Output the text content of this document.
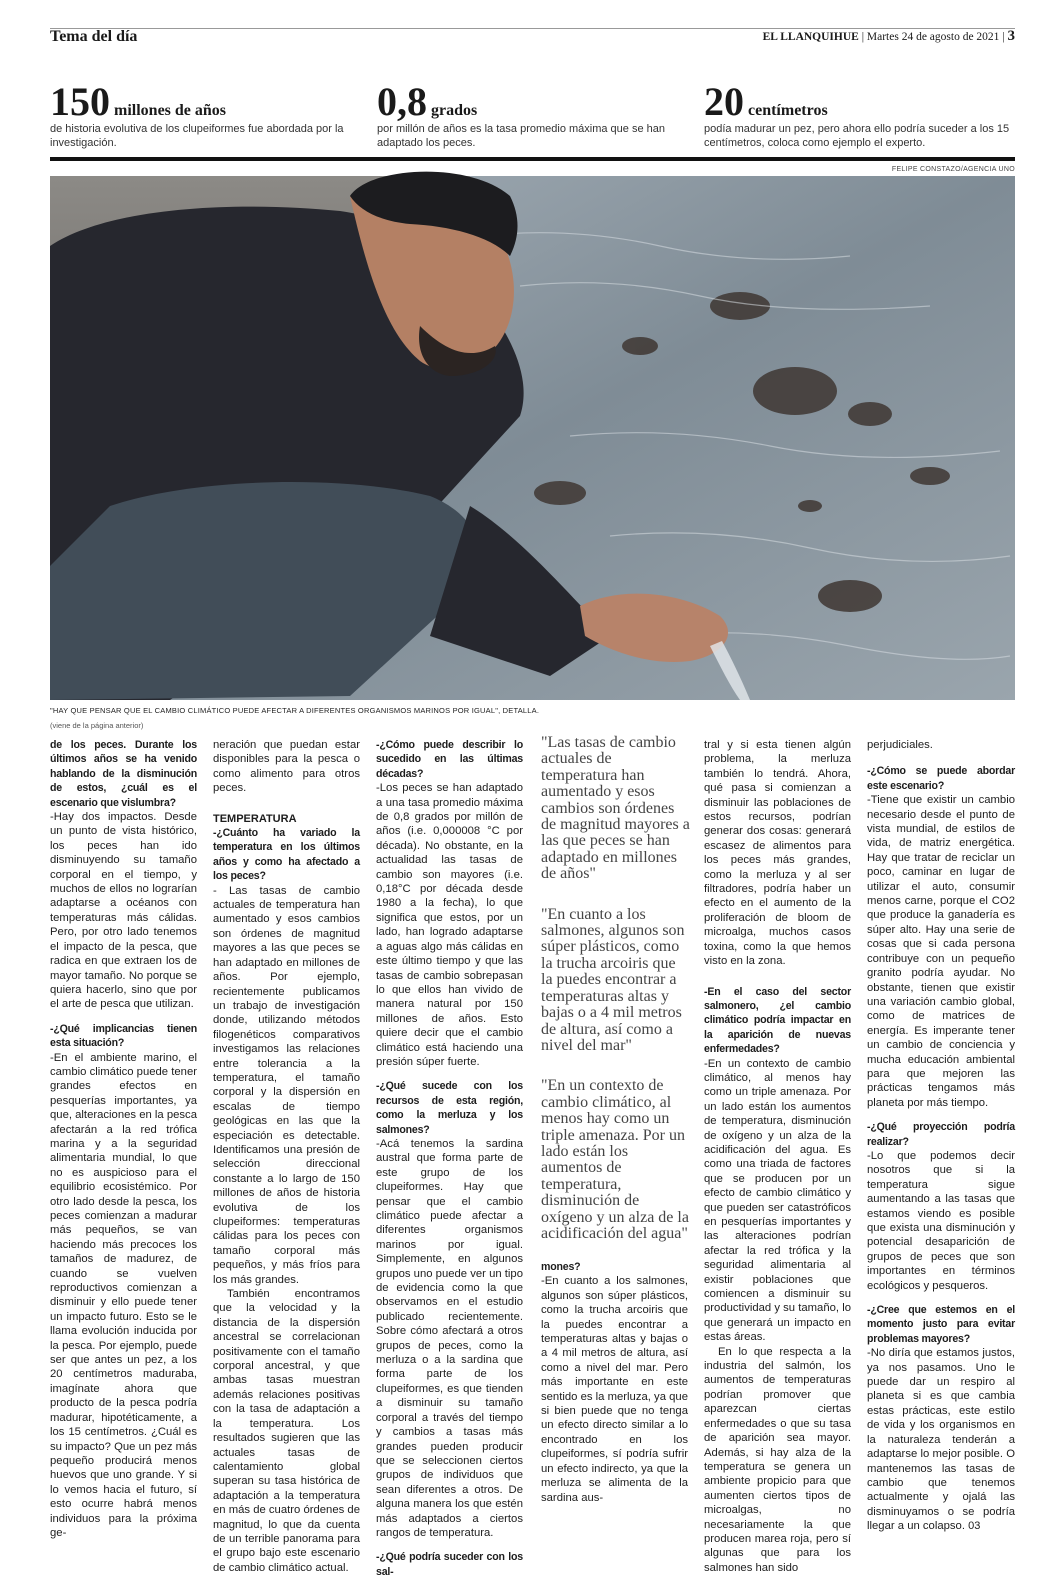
Tema del día	EL LLANQUIHUE | Martes 24 de agosto de 2021 | 3
150 millones de años
de historia evolutiva de los clupeiformes fue abordada por la investigación.
0,8 grados
por millón de años es la tasa promedio máxima que se han adaptado los peces.
20 centímetros
podía madurar un pez, pero ahora ello podría suceder a los 15 centímetros, coloca como ejemplo el experto.
FELIPE CONSTAZO/AGENCIA UNO
"HAY QUE PENSAR QUE EL CAMBIO CLIMÁTICO PUEDE AFECTAR A DIFERENTES ORGANISMOS MARINOS POR IGUAL", DETALLA.
(viene de la página anterior)

de los peces. Durante los últimos años se ha venido hablando de la disminución de estos, ¿cuál es el escenario que vislumbra?

-Hay dos impactos. Desde un punto de vista histórico, los peces han ido disminuyendo su tamaño corporal en el tiempo, y muchos de ellos no lograrían adaptarse a océanos con temperaturas más cálidas. Pero, por otro lado tenemos el impacto de la pesca, que radica en que extraen los de mayor tamaño. No porque se quiera hacerlo, sino que por el arte de pesca que utilizan.

-¿Qué implicancias tienen esta situación?

-En el ambiente marino, el cambio climático puede tener grandes efectos en pesquerías importantes, ya que, alteraciones en la pesca afectarán a la red trófica marina y a la seguridad alimentaria mundial, lo que no es auspicioso para el equilibrio ecosistémico. Por otro lado desde la pesca, los peces comienzan a madurar más pequeños, se van haciendo más precoces los tamaños de madurez, de cuando se vuelven reproductivos comienzan a disminuir y ello puede tener un impacto futuro. Esto se le llama evolución inducida por la pesca. Por ejemplo, puede ser que antes un pez, a los 20 centímetros maduraba, imagínate ahora que producto de la pesca podría madurar, hipotéticamente, a los 15 centímetros. ¿Cuál es su impacto? Que un pez más pequeño producirá menos huevos que uno grande. Y si lo vemos hacia el futuro, sí esto ocurre habrá menos individuos para la próxima ge-

neración que puedan estar disponibles para la pesca o como alimento para otros peces.

TEMPERATURA

-¿Cuánto ha variado la temperatura en los últimos años y como ha afectado a los peces?

- Las tasas de cambio actuales de temperatura han aumentado y esos cambios son órdenes de magnitud mayores a las que peces se han adaptado en millones de años. Por ejemplo, recientemente publicamos un trabajo de investigación donde, utilizando métodos filogenéticos comparativos investigamos las relaciones entre tolerancia a la temperatura, el tamaño corporal y la dispersión en escalas de tiempo geológicas en las que la especiación es detectable. Identificamos una presión de selección direccional constante a lo largo de 150 millones de años de historia evolutiva de los clupeiformes: temperaturas cálidas para los peces con tamaño corporal más pequeños, y más fríos para los más grandes.

También encontramos que la velocidad y la distancia de la dispersión ancestral se correlacionan positivamente con el tamaño corporal ancestral, y que ambas tasas muestran además relaciones positivas con la tasa de adaptación a la temperatura. Los resultados sugieren que las actuales tasas de calentamiento global superan su tasa histórica de adaptación a la temperatura en más de cuatro órdenes de magnitud, lo que da cuenta de un terrible panorama para el grupo bajo este escenario de cambio climático actual.

-¿Cómo puede describir lo sucedido en las últimas décadas?

-Los peces se han adaptado a una tasa promedio máxima de 0,8 grados por millón de años (i.e. 0,000008 °C por década). No obstante, en la actualidad las tasas de cambio son mayores (i.e. 0,18°C por década desde 1980 a la fecha), lo que significa que estos, por un lado, han logrado adaptarse a aguas algo más cálidas en este último tiempo y que las tasas de cambio sobrepasan lo que ellos han vivido de manera natural por 150 millones de años. Esto quiere decir que el cambio climático está haciendo una presión súper fuerte.

-¿Qué sucede con los recursos de esta región, como la merluza y los salmones?

-Acá tenemos la sardina austral que forma parte de este grupo de los clupeiformes. Hay que pensar que el cambio climático puede afectar a diferentes organismos marinos por igual. Simplemente, en algunos grupos uno puede ver un tipo de evidencia como la que observamos en el estudio publicado recientemente. Sobre cómo afectará a otros grupos de peces, como la merluza o a la sardina que forma parte de los clupeiformes, es que tienden a disminuir su tamaño corporal a través del tiempo y cambios a tasas más grandes pueden producir que se seleccionen ciertos grupos de individuos que sean diferentes a otros. De alguna manera los que estén más adaptados a ciertos rangos de temperatura.

-¿Qué podría suceder con los sal-

"Las tasas de cambio actuales de temperatura han aumentado y esos cambios son órdenes de magnitud mayores a las que peces se han adaptado en millones de años"

"En cuanto a los salmones, algunos son súper plásticos, como la trucha arcoiris que la puedes encontrar a temperaturas altas y bajas o a 4 mil metros de altura, así como a nivel del mar"

"En un contexto de cambio climático, al menos hay como un triple amenaza. Por un lado están los aumentos de temperatura, disminución de oxígeno y un alza de la acidificación del agua"

mones?

-En cuanto a los salmones, algunos son súper plásticos, como la trucha arcoiris que la puedes encontrar a temperaturas altas y bajas o a 4 mil metros de altura, así como a nivel del mar. Pero más importante en este sentido es la merluza, ya que si bien puede que no tenga un efecto directo similar a lo encontrado en los clupeiformes, sí podría sufrir un efecto indirecto, ya que la merluza se alimenta de la sardina aus-

tral y si esta tienen algún problema, la merluza también lo tendrá. Ahora, qué pasa si comienzan a disminuir las poblaciones de estos recursos, podrían generar dos cosas: generará escasez de alimentos para los peces más grandes, como la merluza y al ser filtradores, podría haber un efecto en el aumento de la proliferación de bloom de microalga, muchos casos toxina, como la que hemos visto en la zona.

-En el caso del sector salmonero, ¿el cambio climático podría impactar en la aparición de nuevas enfermedades?

-En un contexto de cambio climático, al menos hay como un triple amenaza. Por un lado están los aumentos de temperatura, disminución de oxígeno y un alza de la acidificación del agua. Es como una triada de factores que se producen por un efecto de cambio climático y que pueden ser catastróficos en pesquerías importantes y las alteraciones podrían afectar la red trófica y la seguridad alimentaria al existir poblaciones que comiencen a disminuir su productividad y su tamaño, lo que generará un impacto en estas áreas.

En lo que respecta a la industria del salmón, los aumentos de temperaturas podrían promover que aparezcan ciertas enfermedades o que su tasa de aparición sea mayor. Además, si hay alza de la temperatura se genera un ambiente propicio para que aumenten ciertos tipos de microalgas, no necesariamente la que producen marea roja, pero sí algunas que para los salmones han sido

perjudiciales.

-¿Cómo se puede abordar este escenario?

-Tiene que existir un cambio necesario desde el punto de vista mundial, de estilos de vida, de matriz energética. Hay que tratar de reciclar un poco, caminar en lugar de utilizar el auto, consumir menos carne, porque el CO2 que produce la ganadería es súper alto. Hay una serie de cosas que si cada persona contribuye con un pequeño granito podría ayudar. No obstante, tienen que existir una variación cambio global, como de matrices de energía. Es imperante tener un cambio de conciencia y mucha educación ambiental para que mejoren las prácticas tengamos más planeta por más tiempo.

-¿Qué proyección podría realizar?

-Lo que podemos decir nosotros que si la temperatura sigue aumentando a las tasas que estamos viendo es posible que exista una disminución y potencial desaparición de grupos de peces que son importantes en términos ecológicos y pesqueros.

-¿Cree que estemos en el momento justo para evitar problemas mayores?

-No diría que estamos justos, ya nos pasamos. Uno le puede dar un respiro al planeta si es que cambia estas prácticas, este estilo de vida y los organismos en la naturaleza tenderán a adaptarse lo mejor posible. O mantenemos las tasas de cambio que tenemos actualmente y ojalá las disminuyamos o se podría llegar a un colapso. 03
